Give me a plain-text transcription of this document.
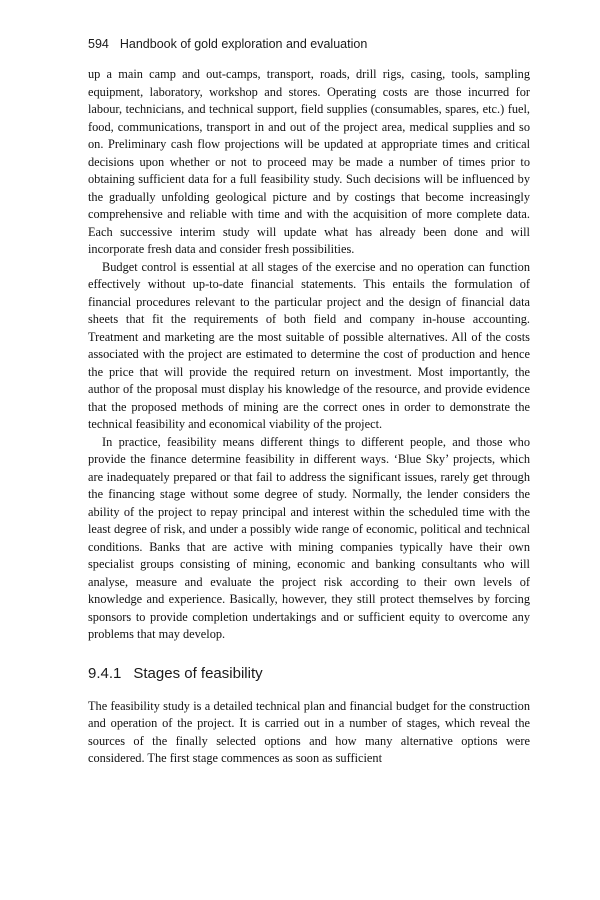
594 Handbook of gold exploration and evaluation

up a main camp and out-camps, transport, roads, drill rigs, casing, tools, sampling equipment, laboratory, workshop and stores. Operating costs are those incurred for labour, technicians, and technical support, field supplies (consumables, spares, etc.) fuel, food, communications, transport in and out of the project area, medical supplies and so on. Preliminary cash flow projections will be updated at appropriate times and critical decisions upon whether or not to proceed may be made a number of times prior to obtaining sufficient data for a full feasibility study. Such decisions will be influenced by the gradually unfolding geological picture and by costings that become increasingly comprehensive and reliable with time and with the acquisition of more complete data. Each successive interim study will update what has already been done and will incorporate fresh data and consider fresh possibilities.

Budget control is essential at all stages of the exercise and no operation can function effectively without up-to-date financial statements. This entails the formulation of financial procedures relevant to the particular project and the design of financial data sheets that fit the requirements of both field and company in-house accounting. Treatment and marketing are the most suitable of possible alternatives. All of the costs associated with the project are estimated to determine the cost of production and hence the price that will provide the required return on investment. Most importantly, the author of the proposal must display his knowledge of the resource, and provide evidence that the proposed methods of mining are the correct ones in order to demonstrate the technical feasibility and economical viability of the project.

In practice, feasibility means different things to different people, and those who provide the finance determine feasibility in different ways. ‘Blue Sky’ projects, which are inadequately prepared or that fail to address the significant issues, rarely get through the financing stage without some degree of study. Normally, the lender considers the ability of the project to repay principal and interest within the scheduled time with the least degree of risk, and under a possibly wide range of economic, political and technical conditions. Banks that are active with mining companies typically have their own specialist groups consisting of mining, economic and banking consultants who will analyse, measure and evaluate the project risk according to their own levels of knowledge and experience. Basically, however, they still protect themselves by forcing sponsors to provide completion undertakings and or sufficient equity to overcome any problems that may develop.

9.4.1 Stages of feasibility

The feasibility study is a detailed technical plan and financial budget for the construction and operation of the project. It is carried out in a number of stages, which reveal the sources of the finally selected options and how many alternative options were considered. The first stage commences as soon as sufficient
